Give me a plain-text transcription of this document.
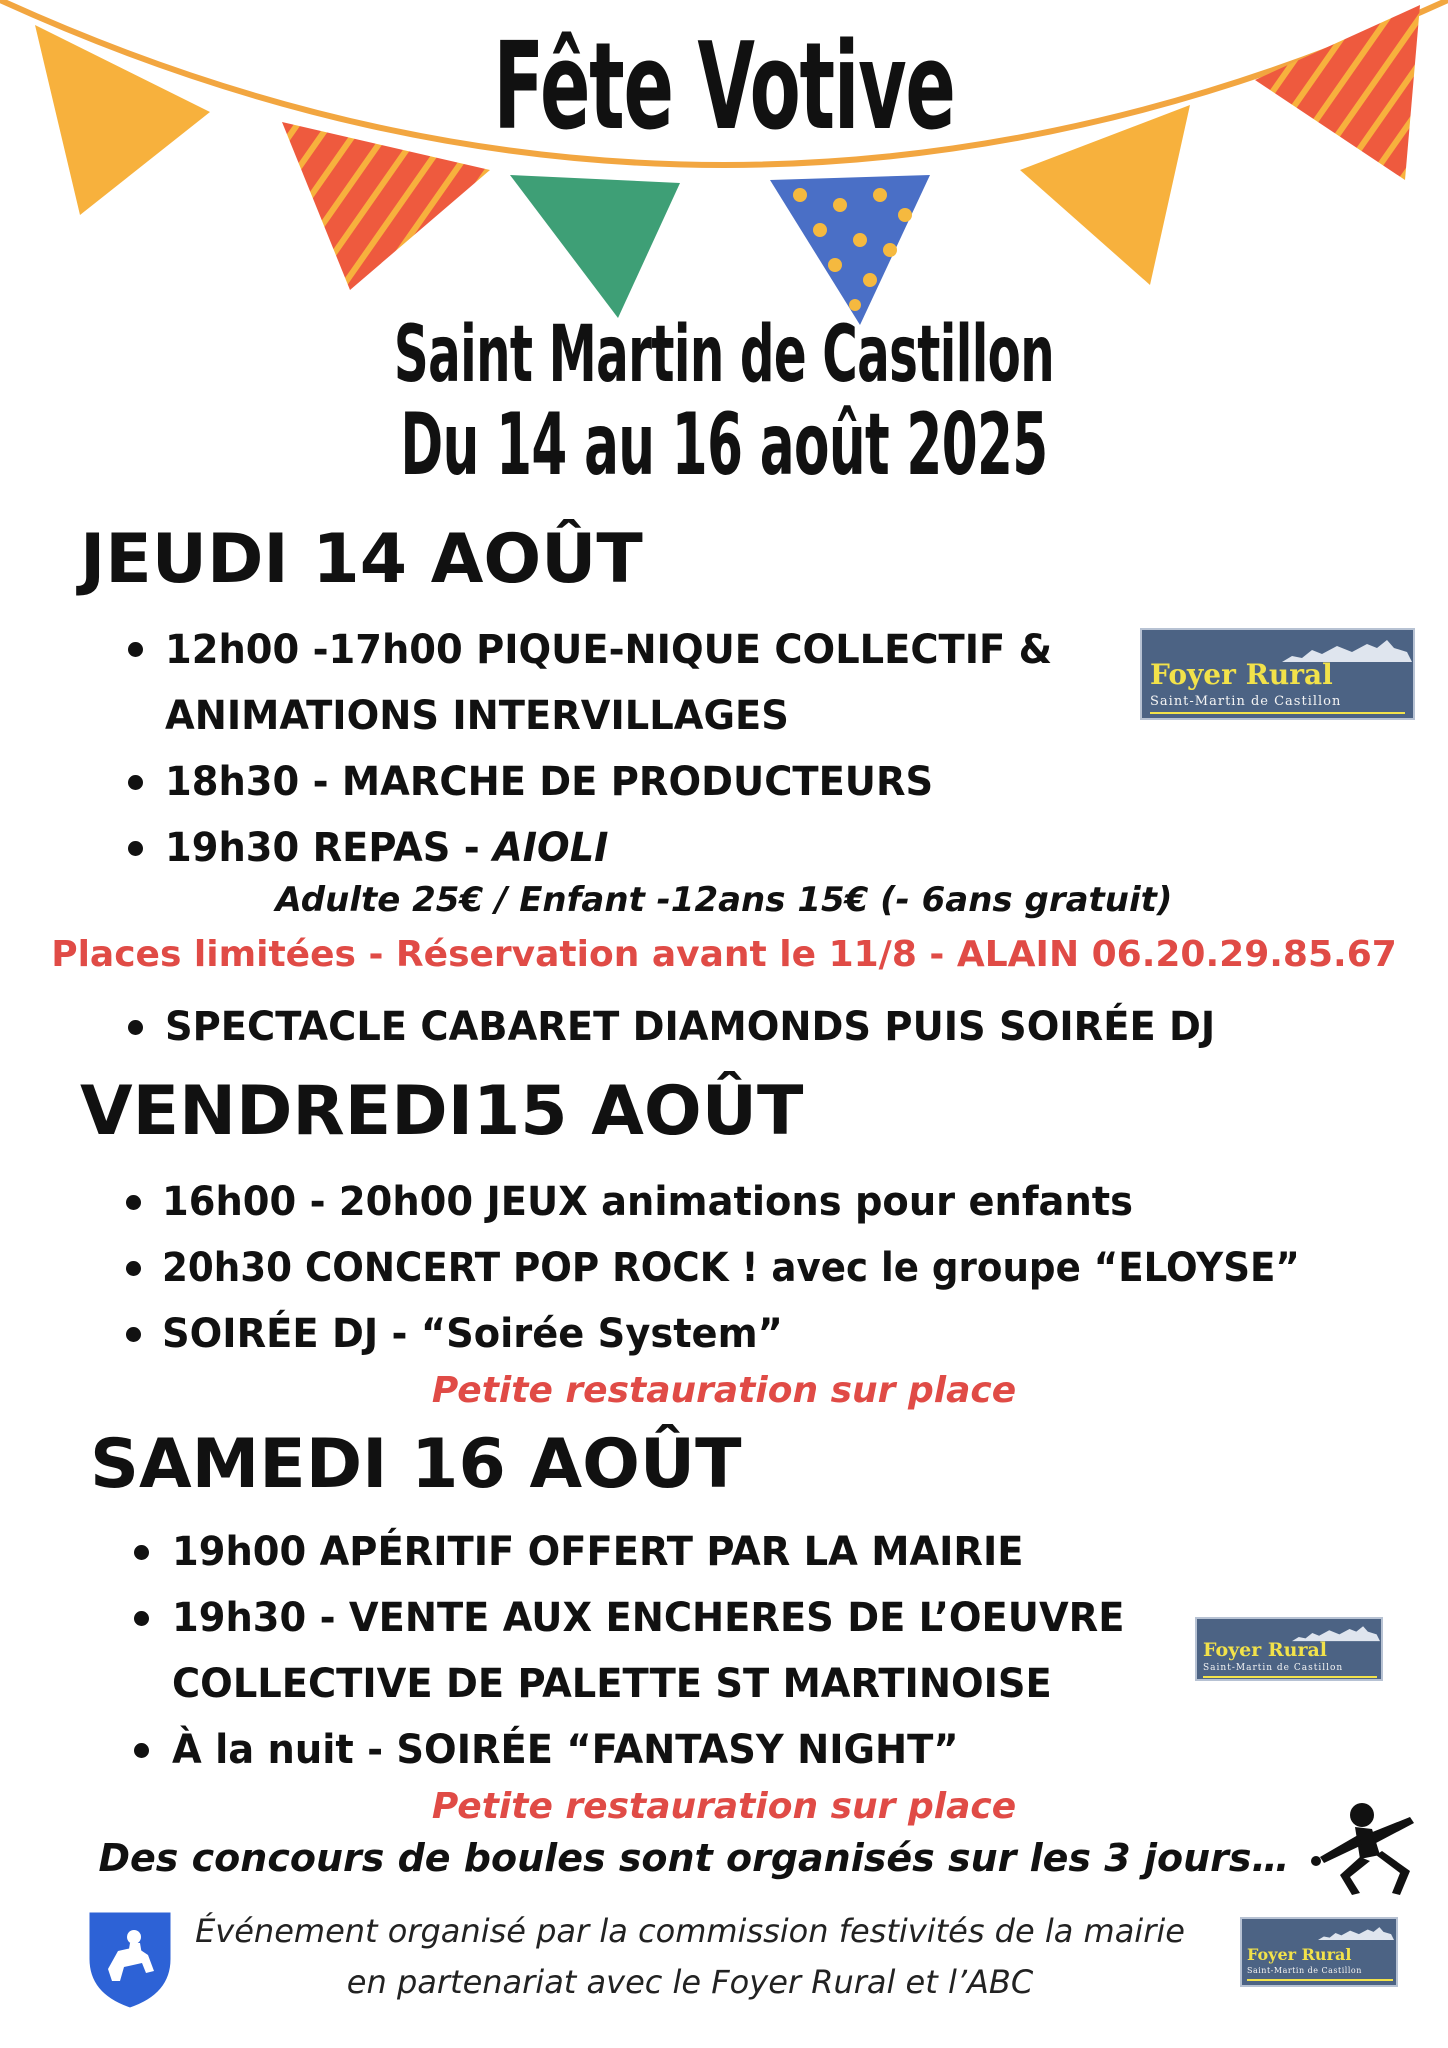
Fête Votive
Saint Martin de Castillon
Du 14 au 16 août 2025
JEUDI 14 AOÛT
12h00 -17h00 PIQUE-NIQUE COLLECTIF &
ANIMATIONS INTERVILLAGES
18h30 - MARCHE DE PRODUCTEURS
19h30 REPAS - AIOLI
Adulte 25€ / Enfant -12ans 15€ (- 6ans gratuit)
Places limitées - Réservation avant le 11/8 - ALAIN 06.20.29.85.67
SPECTACLE CABARET DIAMONDS PUIS SOIRÉE DJ
Foyer Rural
Saint-Martin de Castillon
VENDREDI15 AOÛT
16h00 - 20h00 JEUX animations pour enfants
20h30 CONCERT POP ROCK ! avec le groupe “ELOYSE”
SOIRÉE DJ - “Soirée System”
Petite restauration sur place
SAMEDI 16 AOÛT
19h00 APÉRITIF OFFERT PAR LA MAIRIE
19h30 - VENTE AUX ENCHERES DE L’OEUVRE
COLLECTIVE DE PALETTE ST MARTINOISE
À la nuit - SOIRÉE “FANTASY NIGHT”
Foyer Rural
Saint-Martin de Castillon
Petite restauration sur place
Des concours de boules sont organisés sur les 3 jours…
Événement organisé par la commission festivités de la mairie
en partenariat avec le Foyer Rural et l’ABC
Foyer Rural
Saint-Martin de Castillon
